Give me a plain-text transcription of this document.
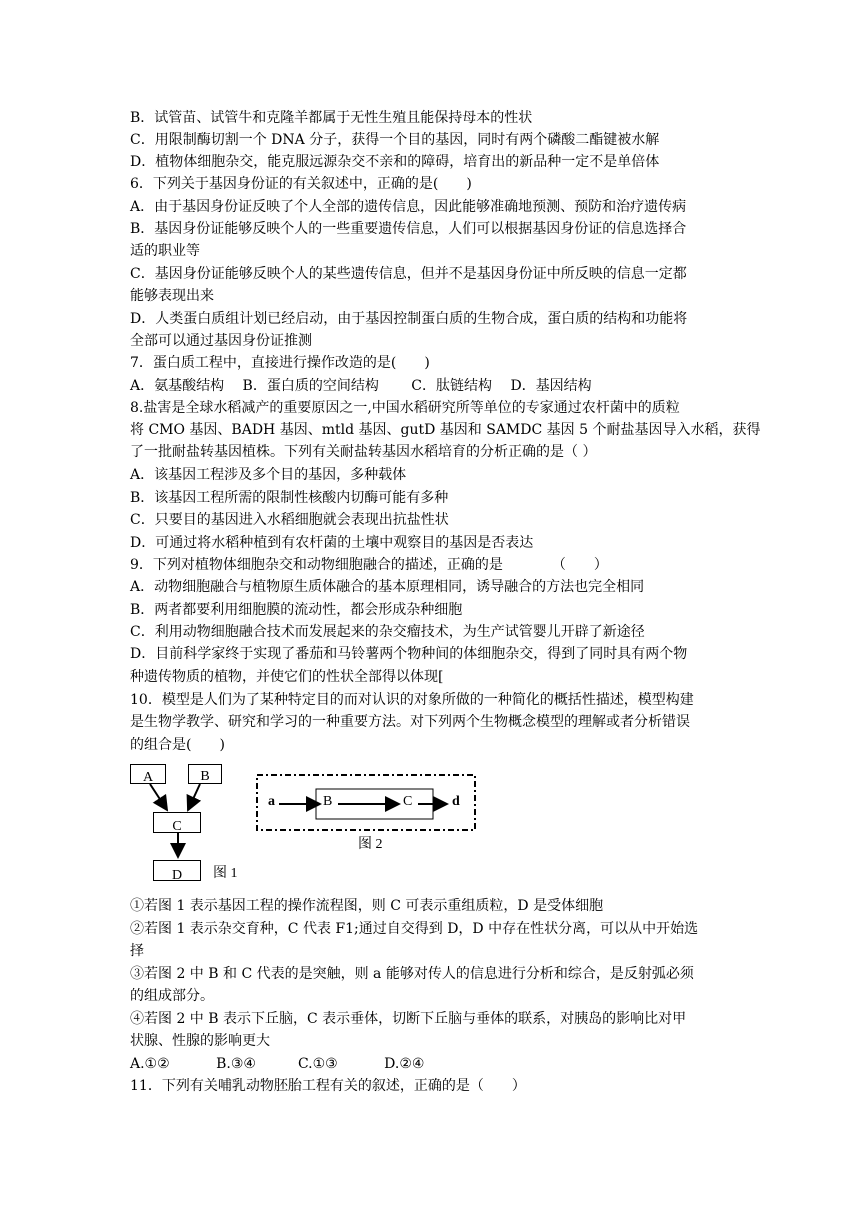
B．试管苗、试管牛和克隆羊都属于无性生殖且能保持母本的性状
C．用限制酶切割一个 DNA 分子，获得一个目的基因，同时有两个磷酸二酯键被水解
D．植物体细胞杂交，能克服远源杂交不亲和的障碍，培育出的新品种一定不是单倍体
6．下列关于基因身份证的有关叙述中，正确的是(　　)
A．由于基因身份证反映了个人全部的遗传信息，因此能够准确地预测、预防和治疗遗传病
B．基因身份证能够反映个人的一些重要遗传信息，人们可以根据基因身份证的信息选择合
适的职业等
C．基因身份证能够反映个人的某些遗传信息，但并不是基因身份证中所反映的信息一定都
能够表现出来
D．人类蛋白质组计划已经启动，由于基因控制蛋白质的生物合成，蛋白质的结构和功能将
全部可以通过基因身份证推测
7．蛋白质工程中，直接进行操作改造的是(　　)
A．氨基酸结构　 B．蛋白质的空间结构　　 C．肽链结构　 D．基因结构
8.盐害是全球水稻减产的重要原因之一,中国水稻研究所等单位的专家通过农杆菌中的质粒
将 CMO 基因、BADH 基因、mtld 基因、gutD 基因和 SAMDC 基因 5 个耐盐基因导入水稻，获得
了一批耐盐转基因植株。下列有关耐盐转基因水稻培育的分析正确的是（ ）
A．该基因工程涉及多个目的基因，多种载体
B．该基因工程所需的限制性核酸内切酶可能有多种
C．只要目的基因进入水稻细胞就会表现出抗盐性状
D．可通过将水稻种植到有农杆菌的土壤中观察目的基因是否表达
9．下列对植物体细胞杂交和动物细胞融合的描述，正确的是　　　　（　　）
A．动物细胞融合与植物原生质体融合的基本原理相同，诱导融合的方法也完全相同
B．两者都要利用细胞膜的流动性，都会形成杂种细胞
C．利用动物细胞融合技术而发展起来的杂交瘤技术，为生产试管婴儿开辟了新途径
D．目前科学家终于实现了番茄和马铃薯两个物种间的体细胞杂交，得到了同时具有两个物
种遗传物质的植物，并使它们的性状全部得以体现[
10．模型是人们为了某种特定目的而对认识的对象所做的一种简化的概括性描述，模型构建
是生物学教学、研究和学习的一种重要方法。对下列两个生物概念模型的理解或者分析错误
的组合是(　　)
A	B
C
D	图 1
a	B	C	d
图 2
①若图 1 表示基因工程的操作流程图，则 C 可表示重组质粒，D 是受体细胞
②若图 1 表示杂交育种，C 代表 F1;通过自交得到 D，D 中存在性状分离，可以从中开始选
择
③若图 2 中 B 和 C 代表的是突触，则 a 能够对传人的信息进行分析和综合，是反射弧必须
的组成部分。
④若图 2 中 B 表示下丘脑，C 表示垂体，切断下丘脑与垂体的联系，对胰岛的影响比对甲
状腺、性腺的影响更大
A.①②　　　 B.③④　　　C.①③　　　 D.②④
11．下列有关哺乳动物胚胎工程有关的叙述，正确的是（　　）
